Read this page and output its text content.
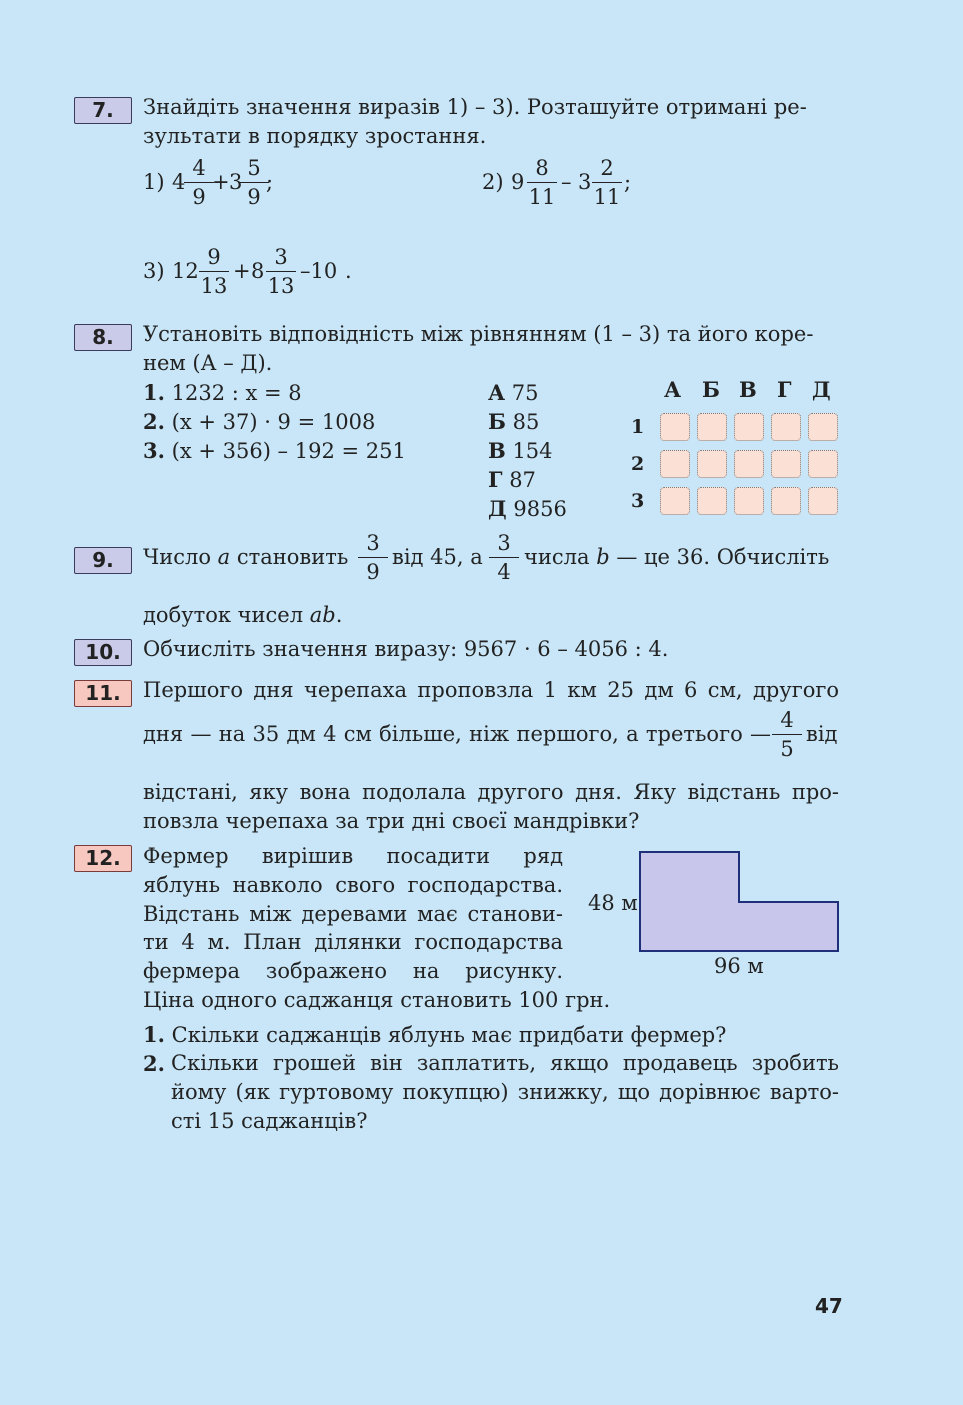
7.	Знайдіть значення виразів 1) – 3). Розташуйте отримані ре-
зультати в порядку зростання.
1) 4
4
9
+ 3
5
9
;	2) 9
8
11
– 3
2
11
;
3) 12
9
13
+ 8
3
13
–10 .
8.	Установіть відповідність між рівнянням (1 – 3) та його коре-
нем (А – Д).
1. 1232 : x = 8
2. (x + 37) · 9 = 1008
3. (x + 356) – 192 = 251
А 75
Б 85
В 154
Г 87
Д 9856
А Б В Г Д
1
2
3
9.	Число a становить
3
9
від 45, а
3
4
числа b — це 36. Обчисліть
добуток чисел ab.
10.	Обчисліть значення виразу: 9567 · 6 – 4056 : 4.
11.	Першого дня черепаха проповзла 1 км 25 дм 6 см, другого
дня — на 35 дм 4 см більше, ніж першого, а третього —
4
5
від
відстані, яку вона подолала другого дня. Яку відстань про-
повзла черепаха за три дні своєї мандрівки?
12.	Фермер вирішив посадити ряд
яблунь навколо свого господарства.
Відстань між деревами має станови-
ти 4 м. План ділянки господарства
фермера зображено на рисунку.
Ціна одного саджанця становить 100 грн.
48 м
96 м
1. Скільки саджанців яблунь має придбати фермер?
2. Скільки грошей він заплатить, якщо продавець зробить
йому (як гуртовому покупцю) знижку, що дорівнює варто-
сті 15 саджанців?
47
